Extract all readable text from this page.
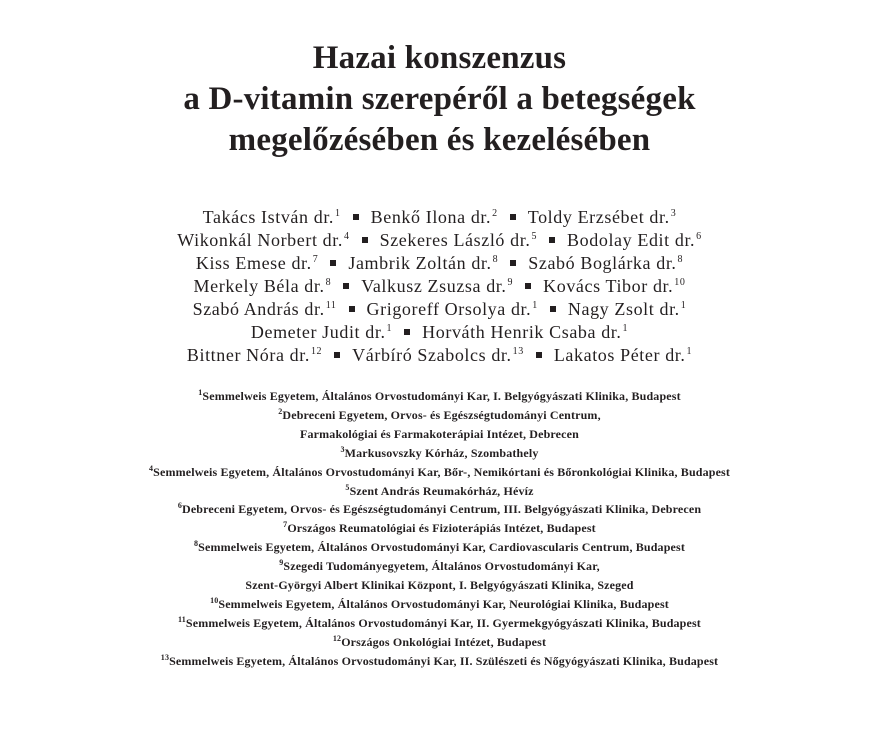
Hazai konszenzus
a D-vitamin szerepéről a betegségek
megelőzésében és kezelésében
Takács István dr.$^1$ Benkő Ilona dr.$^2$ Toldy Erzsébet dr.$^3$
Wikonkál Norbert dr.$^4$ Szekeres László dr.$^5$ Bodolay Edit dr.$^6$
Kiss Emese dr.$^7$ Jambrik Zoltán dr.$^8$ Szabó Boglárka dr.$^8$
Merkely Béla dr.$^8$ Valkusz Zsuzsa dr.$^9$ Kovács Tibor dr.$^{10}$
Szabó András dr.$^{11}$ Grigoreff Orsolya dr.$^1$ Nagy Zsolt dr.$^1$
Demeter Judit dr.$^1$ Horváth Henrik Csaba dr.$^1$
Bittner Nóra dr.$^{12}$ Várbíró Szabolcs dr.$^{13}$ Lakatos Péter dr.$^1$
$^1$Semmelweis Egyetem, Általános Orvostudományi Kar, I. Belgyógyászati Klinika, Budapest
$^2$Debreceni Egyetem, Orvos- és Egészségtudományi Centrum,
Farmakológiai és Farmakoterápiai Intézet, Debrecen
$^3$Markusovszky Kórház, Szombathely
$^4$Semmelweis Egyetem, Általános Orvostudományi Kar, Bőr-, Nemikórtani és Bőronkológiai Klinika, Budapest
$^5$Szent András Reumakórház, Hévíz
$^6$Debreceni Egyetem, Orvos- és Egészségtudományi Centrum, III. Belgyógyászati Klinika, Debrecen
$^7$Országos Reumatológiai és Fizioterápiás Intézet, Budapest
$^8$Semmelweis Egyetem, Általános Orvostudományi Kar, Cardiovascularis Centrum, Budapest
$^9$Szegedi Tudományegyetem, Általános Orvostudományi Kar,
Szent-Györgyi Albert Klinikai Központ, I. Belgyógyászati Klinika, Szeged
$^{10}$Semmelweis Egyetem, Általános Orvostudományi Kar, Neurológiai Klinika, Budapest
$^{11}$Semmelweis Egyetem, Általános Orvostudományi Kar, II. Gyermekgyógyászati Klinika, Budapest
$^{12}$Országos Onkológiai Intézet, Budapest
$^{13}$Semmelweis Egyetem, Általános Orvostudományi Kar, II. Szülészeti és Nőgyógyászati Klinika, Budapest
